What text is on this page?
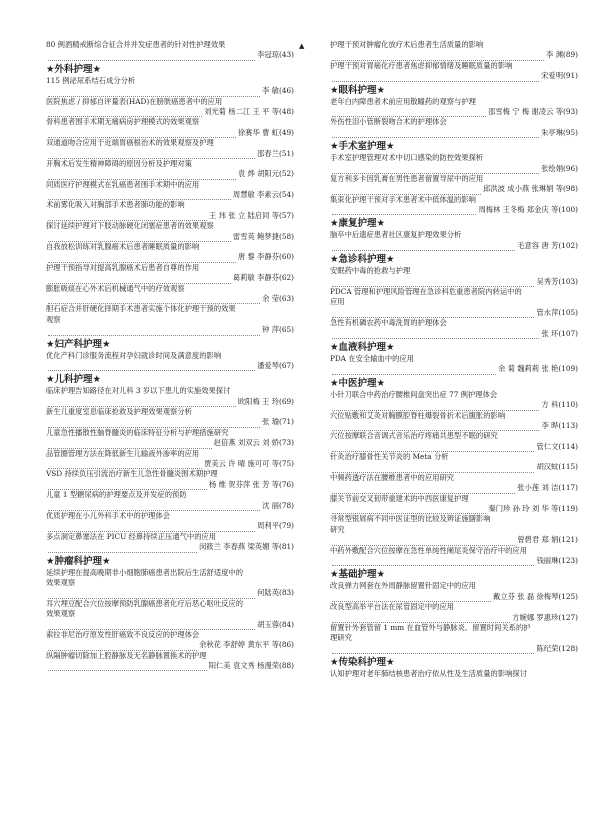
▲
80 例酒精戒断综合征合并并发症患者的针对性护理效果
李冠琼(43)
★外科护理★
115 例泌尿系结石成分分析
李 敏(46)
医院焦虑 / 抑郁自评量表(HAD)在膀胱癌患者中的应用
刘光菊 杨二江 王 平 等(48)
骨科患者围手术期无痛病房护理模式的效果观察
徐赛华 曹 虹(49)
双通道吻合应用于近端胃癌根治术的效果观察及护理
邵春兰(51)
开胸术后发生精神障碍的原因分析及护理对策
袁 烨 胡阳元(52)
同质医疗护理模式在乳癌患者围手术期中的应用
周慧敏 李素云(54)
术前雾化吸入对胸部手术患者肺功能的影响
王 玮 张 立 陆启同 等(57)
探讨延续护理对下肢动脉硬化闭塞症患者的效果观察
雷雪英 鲍梦捷(58)
自我放松训练对乳腺癌术后患者睡眠质量的影响
唐 黎 李静芬(60)
护理干预指导对提高乳腺癌术后患者自尊的作用
葛莉敏 李静芬(62)
膨胀吸痰在心外术后机械通气中的疗效观察
余 莹(63)
胆石症合并肝硬化择期手术患者实施个体化护理干预的效果
观察
钟 萍(65)
★妇产科护理★
优化产科门诊服务流程对孕妇就诊时间及满意度的影响
潘爱琴(67)
★儿科护理★
临床护理告知路径在对儿科 3 岁以下患儿的实施效果探讨
欧阳梅 王 玲(69)
新生儿重度室息临床抢救及护理效果观察分析
张 瑜(71)
儿童急性播散性脑脊髓炎的临床特征分析与护理措施研究
赵倍燕 刘双云 刘 娇(73)
品管圈管理方法在降低新生儿输液外渗率的应用
贾美云 许 晴 施可可 等(75)
VSD 持续负压引流治疗新生儿急性骨髓炎围术期护理
杨 维 贺芬萍 张 芳 等(76)
儿童 1 型糖尿病的护理要点及并发症的预防
沈 丽(78)
优质护理在小儿外科手术中的护理体会
周利平(79)
多点洞定鼻塞法在 PICU 经鼻持续正压通气中的应用
闵筱兰 李春燕 梁英媚 等(81)
★肿瘤科护理★
延续护理在提高晚期非小细胞肺癌患者出院后生活舒适度中的
效果观察
何陆英(83)
耳穴埋豆配合穴位按摩预防乳腺癌患者化疗后恶心呕吐反应的
效果观察
胡玉蓉(84)
索拉非尼治疗原发性肝癌致不良反应的护理体会
余秋花 李舒婷 黄东平 等(86)
纵隔肿瘤切除加上腔静脉及无名静脉置换术的护理
阳仁美 袁文秀 杨漫荣(88)
护理干预对肿瘤化放疗术后患者生活质量的影响
李 渊(89)
护理干预对胃癌化疗患者焦虑抑郁情绪及睡眠质量的影响
宋爱明(91)
★眼科护理★
老年白内障患者术前应用散瞳药的观察与护理
邵雪梅 宁 梅 谢凌云 等(93)
外伤性泪小管断裂吻合术的护理体会
朱亭琳(95)
★手术室护理★
手术室护理管理对术中切口感染的防控效果探析
张绘娟(96)
复方利多卡因乳膏在男性患者留置导尿中的应用
邱洪波 成小燕 张琳娟 等(98)
集束化护理干预对手术患者术中低体温的影响
周梅林 王冬梅 郑金庆 等(100)
★康复护理★
脑卒中后遗症患者社区康复护理效果分析
毛意容 唐 芳(102)
★急诊科护理★
安眠药中毒的抢救与护理
吴秀芳(103)
PDCA 管理和护理风险管理在急诊科危重患者院内转运中的
应用
管水萍(105)
急性有机磷农药中毒洗胃的护理体会
张 环(107)
★血液科护理★
PDA 在安全输血中的应用
余 菊 魏莉莉 张 艳(109)
★中医护理★
小针刀联合中药治疗腰椎间盘突出症 77 例护理体会
方 科(110)
穴位贴敷和艾灸对胸膜腔脊柱爆裂骨折术后腹胀的影响
李 晔(113)
穴位按摩联合音调式音乐治疗疼痛共患型不眠的研究
管仁文(114)
针灸治疗膝骨性关节炎的 Meta 分析
胡汉蚊(115)
中频药透疗法在腰椎患者中的应用研究
张小莲 刘 洁(117)
膝关节前交叉韧带重建术的中西医康复护理
秦门珍 孙 玲 刘 华 等(119)
寻常型银屑病不同中医证型的比较及辨证施膳影响
研究
曾碧君 郑 娟(121)
中药外敷配合穴位按摩在急性单纯性阑尾炎保守治疗中的应用
钱丽琳(123)
★基础护理★
改良弹力网套在外周静脉留置针固定中的应用
戴立芬 张 磊 徐梅琴(125)
改良型高举平台法在尿管固定中的应用
方婉娜 罗惠珍(127)
留置针外套管留 1 mm 在血管外与静脉炎、留置时间关系的护
理研究
陈纪荣(128)
★传染科护理★
认知护理对老年肺结核患者治疗依从性及生活质量的影响探讨
